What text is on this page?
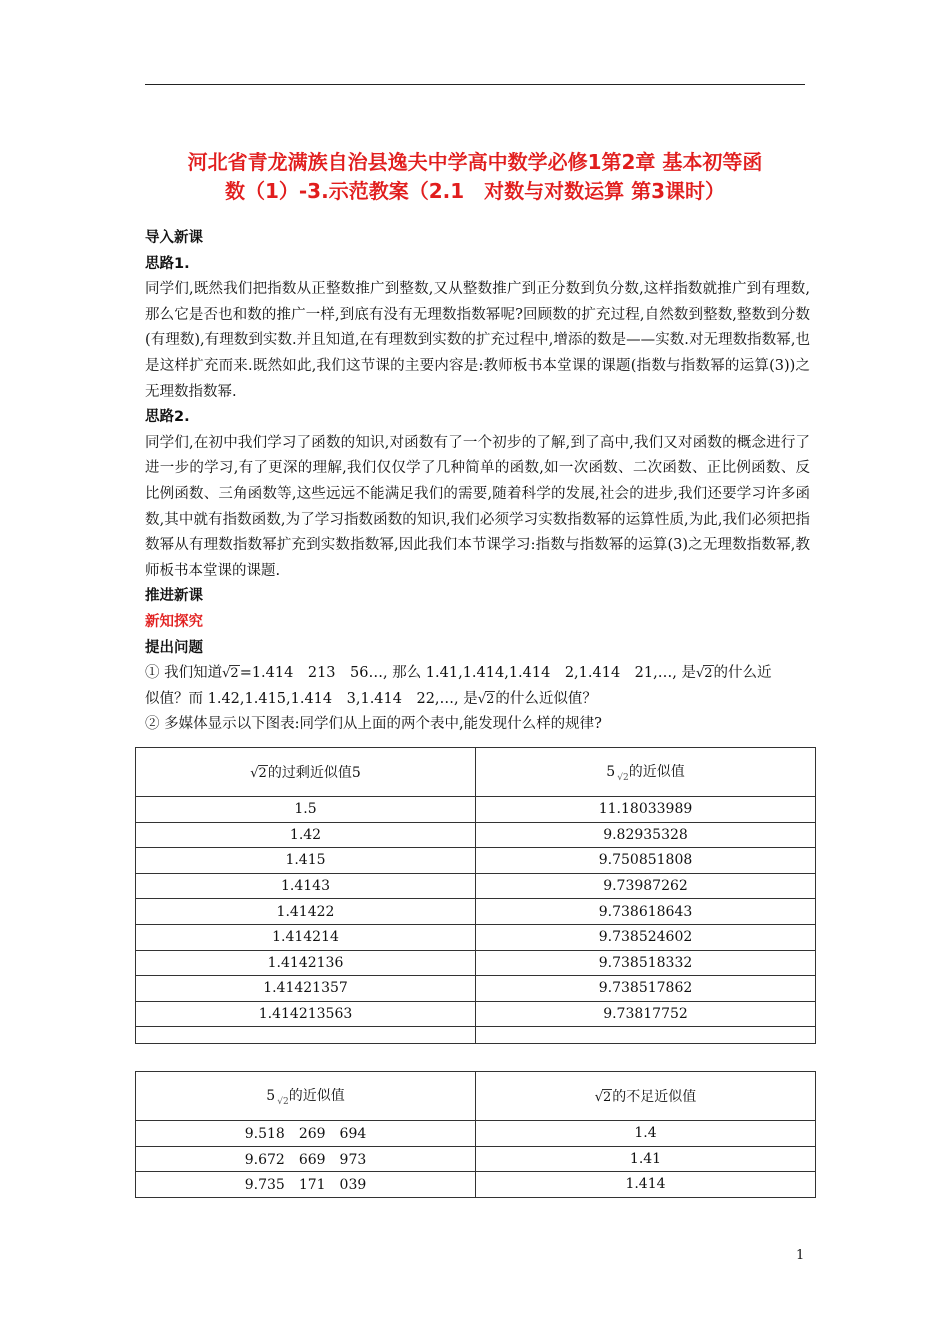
河北省青龙满族自治县逸夫中学高中数学必修1第2章 基本初等函
数（1）-3.示范教案（2.1　对数与对数运算 第3课时）
导入新课
思路1.
同学们,既然我们把指数从正整数推广到整数,又从整数推广到正分数到负分数,这样指数就推广到有理数,那么它是否也和数的推广一样,到底有没有无理数指数幂呢?回顾数的扩充过程,自然数到整数,整数到分数(有理数),有理数到实数.并且知道,在有理数到实数的扩充过程中,增添的数是——实数.对无理数指数幂,也是这样扩充而来.既然如此,我们这节课的主要内容是:教师板书本堂课的课题(指数与指数幂的运算(3))之无理数指数幂.
思路2.
同学们,在初中我们学习了函数的知识,对函数有了一个初步的了解,到了高中,我们又对函数的概念进行了进一步的学习,有了更深的理解,我们仅仅学了几种简单的函数,如一次函数、二次函数、正比例函数、反比例函数、三角函数等,这些远远不能满足我们的需要,随着科学的发展,社会的进步,我们还要学习许多函数,其中就有指数函数,为了学习指数函数的知识,我们必须学习实数指数幂的运算性质,为此,我们必须把指数幂从有理数指数幂扩充到实数指数幂,因此我们本节课学习:指数与指数幂的运算(3)之无理数指数幂,教师板书本堂课的课题.
推进新课
新知探究
提出问题
① 我们知道√2=1.414　213　56…, 那么 1.41,1.414,1.414　2,1.414　21,…, 是√2的什么近
似值？而 1.42,1.415,1.414　3,1.414　22,…, 是√2的什么近似值？
② 多媒体显示以下图表:同学们从上面的两个表中,能发现什么样的规律?
√2的过剩近似值5	5 $_{√2}$的近似值
1.5	11.18033989
1.42	9.82935328
1.415	9.750851808
1.4143	9.73987262
1.41422	9.738618643
1.414214	9.738524602
1.4142136	9.738518332
1.41421357	9.738517862
1.414213563	9.73817752

5 $_{√2}$的近似值	√2的不足近似值
9.518　269　694	1.4
9.672　669　973	1.41
9.735　171　039	1.414
1
